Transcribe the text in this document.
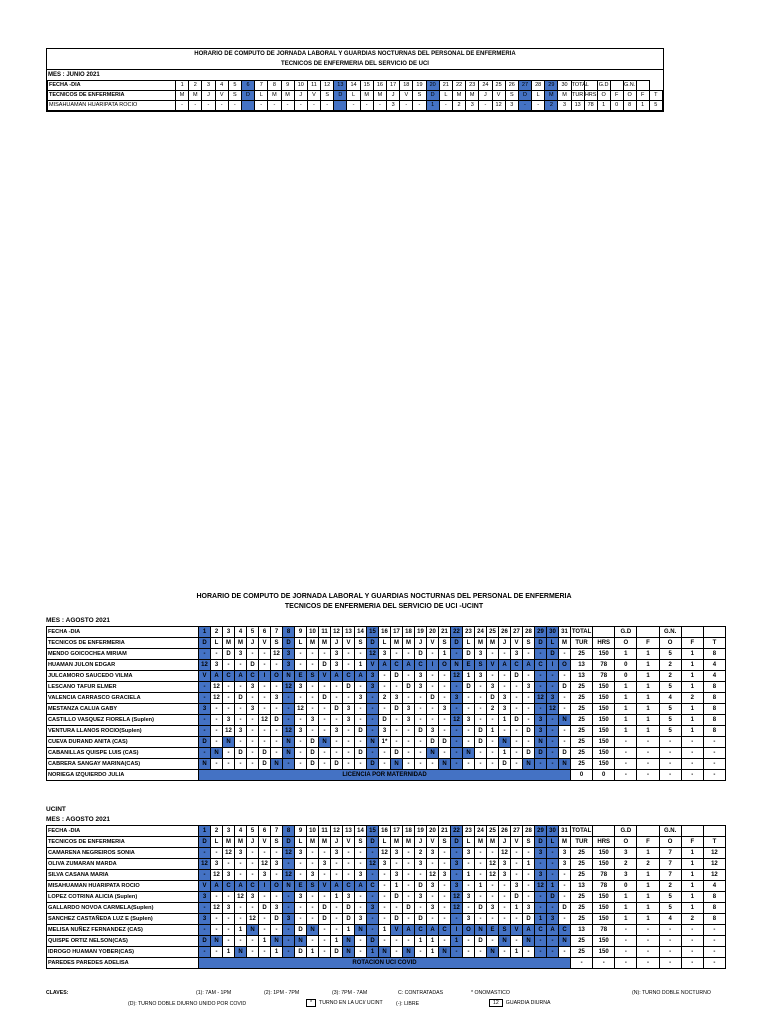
HORARIO DE COMPUTO DE JORNADA LABORAL Y GUARDIAS NOCTURNAS DEL PERSONAL DE ENFERMERIA
TECNICOS DE ENFERMERIA DEL SERVICIO DE UCI
MES : JUNIO 2021
FECHA -DIA	1	2	3	4	5	6	7	8	9	10	11	12	13	14	15	16	17	18	19	20	21	22	23	24	25	26	27	28	29	30	TOTAL		G.D		G.N.		
TECNICOS DE ENFERMERIA	M	M	J	V	S	D	L	M	M	J	V	S	D	L	M	M	J	V	S	D	L	M	M	J	V	S	D	L	M	M	TUR	HRS	O	F	O	F	T
MISAHUAMAN HUARIPATA ROCIO	-	-	-	-	-		-	-	-	-	-	-		-	-	-	3	-	-	1	-	2	3	-	12	3	-	-	2	3	13	78	1	0	8	1	5
HORARIO DE COMPUTO DE JORNADA LABORAL Y GUARDIAS NOCTURNAS DEL PERSONAL DE ENFERMERIA
TECNICOS DE ENFERMERIA DEL SERVICIO DE UCI -UCINT
MES : AGOSTO 2021
FECHA -DIA	1	2	3	4	5	6	7	8	9	10	11	12	13	14	15	16	17	18	19	20	21	22	23	24	25	26	27	28	29	30	31	TOTAL		G.D		G.N.		
TECNICOS DE ENFERMERIA	D	L	M	M	J	V	S	D	L	M	M	J	V	S	D	L	M	M	J	V	S	D	L	M	M	J	V	S	D	L	M	TUR	HRS	O	F	O	F	T
MENDO GOICOCHEA MIRIAM	-	-	D	3	-	-	12	3	-	-	-	3	-	-	12	3	-	-	D	-	1	-	D	3	-	-	3	-	-	D	-	25	150	1	1	5	1	8
HUAMAN JULON EDGAR	12	3	-	-	D	-	-	3	-	-	D	3	-	1	V	A	C	A	C	I	O	N	E	S	V	A	C	A	C	I	O	13	78	0	1	2	1	4
JULCAMORO SAUCEDO VILMA	V	A	C	A	C	I	O	N	E	S	V	A	C	A	3	-	D	-	3	-	-	12	1	3	-	-	D	-	-	-	-	13	78	0	1	2	1	4
LESCANO TAFUR ELMER	-	12	-	-	3	-	-	12	3	-	-	-	D	-	3	-	-	D	3	-	-	-	D	-	3	-	-	3	-	-	D	25	150	1	1	5	1	8
VALENCIA CARRASCO GRACIELA	-	12	-	D	-	-	3	-	-	-	D	-	-	3	-	2	3	-	-	D	-	3	-	-	D	3	-	-	12	3	-	25	150	1	1	4	2	8
MESTANZA CALUA GABY	3	-	-	-	3	-	-	-	12	-	-	D	3	-	-	-	D	3	-	-	3	-	-	-	2	3	-	-	-	12	-	25	150	1	1	5	1	8
CASTILLO VASQUEZ FIORELA (Suplen)	-	-	3	-	-	12	D	-	-	3	-	-	3	-	-	D	-	3	-	-	-	12	3	-	-	1	D	-	3	-	N	25	150	1	1	5	1	8
VENTURA LLANOS ROCIO(Suplen)	-	-	12	3	-	-	-	12	3	-	-	3	-	D	-	3	-	-	D	3	-	-	-	D	1	-	-	D	3	-	-	25	150	1	1	5	1	8
CUEVA DURAND ANITA (CAS)	D	-	N	-	-	-	-	N	-	D	N	-	-	-	N	1*	-	-	-	D	D	-	-	D	-	N	-	-	N	-	-	25	150	-	-	-	-	-
CABANILLAS QUISPE LUIS (CAS)	-	N	-	D	-	D	-	N	-	D	-	-	-	D	-	-	D	-	-	N	-	-	N	-	-	1	-	D	D	-	D	25	150	-	-	-	-	-
CABRERA SANGAY MARINA(CAS)	N	-	-	-	-	D	N	-	-	D	-	D	-	-	D	-	N	-	-	-	N	-	-	-	-	D	-	N	-	-	N	25	150	-	-	-	-	-
NORIEGA IZQUIERDO JULIA	LICENCIA POR MATERNIDAD																															0	0	-	-	-	-	-
UCINT
MES : AGOSTO 2021
FECHA -DIA	1	2	3	4	5	6	7	8	9	10	11	12	13	14	15	16	17	18	19	20	21	22	23	24	25	26	27	28	29	30	31	TOTAL		G.D		G.N.		
TECNICOS DE ENFERMERIA	D	L	M	M	J	V	S	D	L	M	M	J	V	S	D	L	M	M	J	V	S	D	L	M	M	J	V	S	D	L	M	TUR	HRS	O	F	O	F	T
CAMARENA NEGREIROS SONIA	-	-	12	3	-	-	-	12	3	-	-	3	-	-	-	12	3	-	2	3	-	-	3	-	-	12	-	-	3	-	3	25	150	3	1	7	1	12
OLIVA ZUMARAN MARDA	12	3	-	-	-	12	3	-	-	-	3	-	-	-	12	3	-	-	3	-	-	3	-	-	12	3	-	1	-	-	3	25	150	2	2	7	1	12
SILVA CASANA MARIA	-	12	3	-	-	3	-	12	-	3	-	-	-	3	-	-	3	-	-	12	3	-	1	-	12	3	-	-	3	-	-	25	78	3	1	7	1	12
MISAHUAMAN HUARIPATA ROCIO	V	A	C	A	C	I	O	N	E	S	V	A	C	A	C	-	1	-	D	3	-	3	-	1	-	-	3	-	12	1	-	13	78	0	1	2	1	4
LOPEZ COTRINA ALICIA (Suplen)	3	-	-	12	3	-	-	-	3	-	-	1	3	-	-	-	D	-	3	-	-	12	3	-	-	-	D	-	-	D	-	25	150	1	1	5	1	8
GALLARDO NOVOA CARMELA(Suplen)	-	12	3	-	-	D	3	-	-	-	D	-	D	-	3	-	-	D	-	3	-	12	-	D	3	-	1	3	-	-	D	25	150	1	1	5	1	8
SANCHEZ CASTAÑEDA LUZ E (Suplen)	3	-	-	-	12	-	D	3	-	-	D	-	D	3	-	-	D	-	D	-	-	-	3	-	-	-	-	D	1	3	-	25	150	1	1	4	2	8
MELISA NUÑEZ FERNANDEZ (CAS)	-	-	-	1	N	-	-	-	D	N	-	-	1	N	-	1	V	A	C	A	C	I	O	N	E	S	V	A	C	A	C	13	78	-	-	-	-	-
QUISPE ORTIZ NELSON(CAS)	D	N	-	-	-	1	N	-	N	-	-	1	N	-	D	-	-	-	1	1	-	1	-	D	-	N	-	N	-	-	N	25	150	-	-	-	-	-
IDROGO HUAMAN YOBER(CAS)	-	-	1	N	-	-	1	-	D	1	-	D	N	-	1	N	-	N	-	1	N	-	-	-	N	-	1	-	-	-	-	25	150	-	-	-	-	-
PAREDES PAREDES ADELISA	ROTACION UCI COVID																															-	-	-	-	-	-	-
CLAVES:	(1): 7AM - 1PM	(2): 1PM - 7PM	(3): 7PM - 7AM	C: CONTRATADAS	* ONOMASTICO	(N): TURNO DOBLE NOCTURNO
(D): TURNO DOBLE DIURNO UNIDO POR COVID	* TURNO EN LA UCI/ UCINT	(-): LIBRE	12 GUARDIA DIURNA
